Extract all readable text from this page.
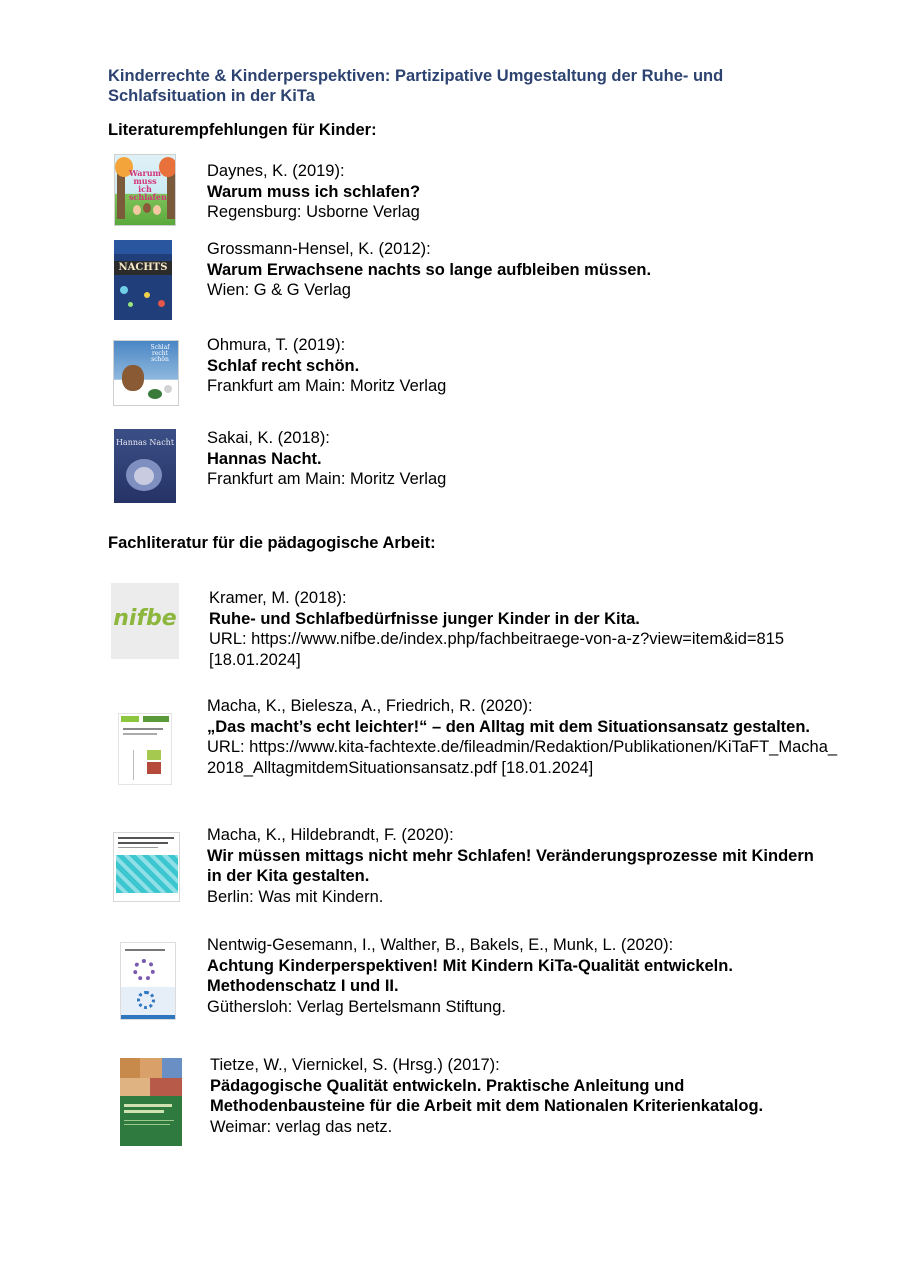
Kinderrechte & Kinderperspektiven: Partizipative Umgestaltung der Ruhe- und
Schlafsituation in der KiTa
Literaturempfehlungen für Kinder:
Warum muss ich schlafen
Daynes, K. (2019):
Warum muss ich schlafen?
Regensburg: Usborne Verlag
NACHTS
Grossmann-Hensel, K. (2012):
Warum Erwachsene nachts so lange aufbleiben müssen.
Wien: G & G Verlag
Schlaf recht schön
Ohmura, T. (2019):
Schlaf recht schön.
Frankfurt am Main: Moritz Verlag
Hannas Nacht Sakai, K. (2018):
Hannas Nacht.
Frankfurt am Main: Moritz Verlag
Fachliteratur für die pädagogische Arbeit:
nifbe
Kramer, M. (2018):
Ruhe- und Schlafbedürfnisse junger Kinder in der Kita.
URL: https://www.nifbe.de/index.php/fachbeitraege-von-a-z?view=item&id=815 [18.01.2024]
Macha, K., Bielesza, A., Friedrich, R. (2020):
„Das macht’s echt leichter!“ – den Alltag mit dem Situationsansatz gestalten.
URL: https://www.kita-fachtexte.de/fileadmin/Redaktion/Publikationen/KiTaFT_Macha_2018_AlltagmitdemSituationsansatz.pdf [18.01.2024]
Macha, K., Hildebrandt, F. (2020):
Wir müssen mittags nicht mehr Schlafen! Veränderungsprozesse mit Kindern in der Kita gestalten.
Berlin: Was mit Kindern.
Nentwig-Gesemann, I., Walther, B., Bakels, E., Munk, L. (2020):
Achtung Kinderperspektiven! Mit Kindern KiTa-Qualität entwickeln. Methodenschatz I und II.
Güthersloh: Verlag Bertelsmann Stiftung.
Tietze, W., Viernickel, S. (Hrsg.) (2017):
Pädagogische Qualität entwickeln. Praktische Anleitung und Methodenbausteine für die Arbeit mit dem Nationalen Kriterienkatalog.
Weimar: verlag das netz.
